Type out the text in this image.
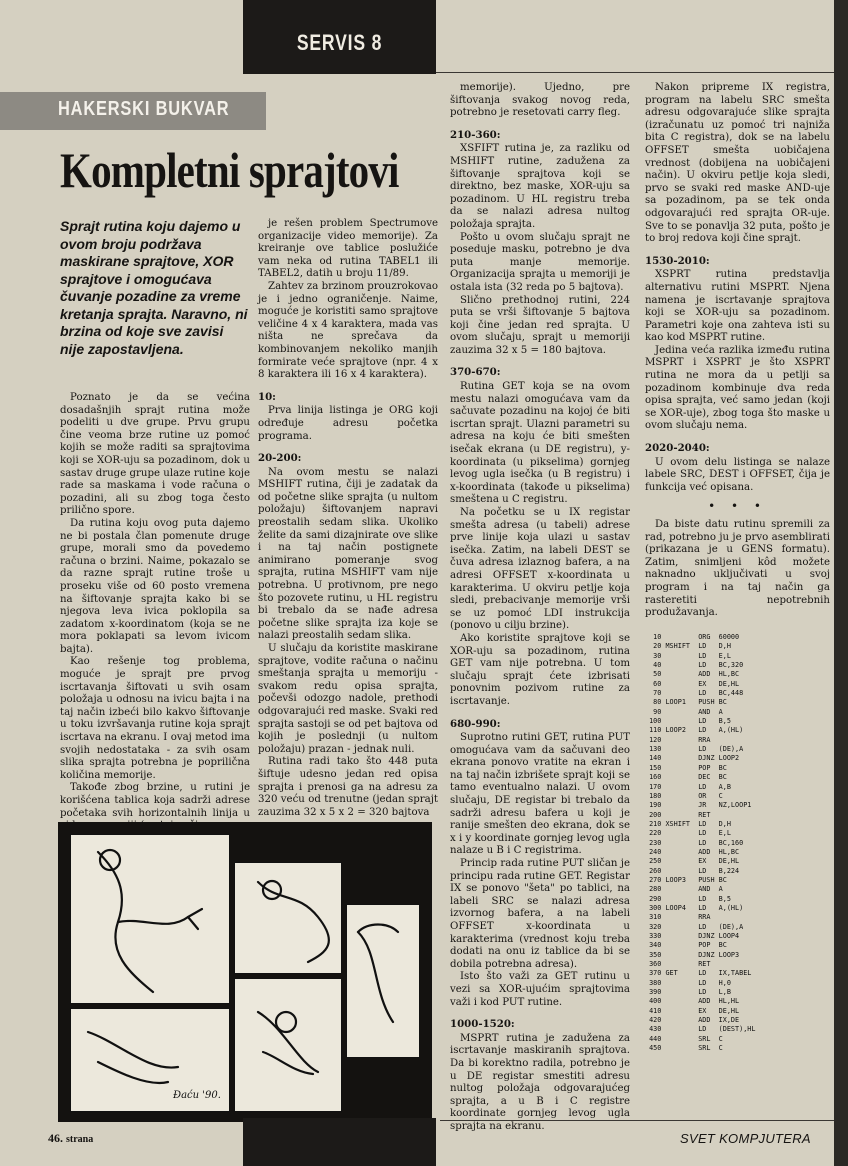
SERVIS 8
HAKERSKI BUKVAR
Kompletni sprajtovi
Sprajt rutina koju dajemo u ovom broju podržava maskirane sprajtove, XOR sprajtove i omogućava čuvanje pozadine za vreme kretanja sprajta. Naravno, ni brzina od koje sve zavisi nije zapostavljena.

Poznato je da se većina dosadašnjih sprajt rutina može podeliti u dve grupe. Prvu grupu čine veoma brze rutine uz pomoć kojih se može raditi sa sprajtovima koji se XOR-uju sa pozadinom, dok u sastav druge grupe ulaze rutine koje rade sa maskama i vode računa o pozadini, ali su zbog toga često prilično spore.

Da rutina koju ovog puta dajemo ne bi postala član pomenute druge grupe, morali smo da povedemo računa o brzini. Naime, pokazalo se da razne sprajt rutine troše u proseku više od 60 posto vremena na šiftovanje sprajta kako bi se njegova leva ivica poklopila sa zadatom x-koordinatom (koja se ne mora poklapati sa levom ivicom bajta).

Kao rešenje tog problema, moguće je sprajt pre prvog iscrtavanja šiftovati u svih osam položaja u odnosu na ivicu bajta i na taj način izbeći bilo kakvo šiftovanje u toku izvršavanja rutine koja sprajt iscrtava na ekranu. I ovaj metod ima svojih nedostataka - za svih osam slika sprajta potrebna je poprilična količina memorije.

Takođe zbog brzine, u rutini je korišćena tablica koja sadrži adrese početaka svih horizontalnih linija u

je rešen problem Spectrumove organizacije video memorije). Za kreiranje ove tablice poslužiće vam neka od rutina TABEL1 ili TABEL2, datih u broju 11/89.

Zahtev za brzinom prouzrokovao je i jedno ograničenje. Naime, moguće je koristiti samo sprajtove veličine 4 x 4 karaktera, mada vas ništa ne sprečava da kombinovanjem nekoliko manjih formirate veće sprajtove (npr. 4 x 8 karaktera ili 16 x 4 karaktera).

10:

Prva linija listinga je ORG koji određuje adresu početka programa.

20-200:

Na ovom mestu se nalazi MSHIFT rutina, čiji je zadatak da od početne slike sprajta (u nultom položaju) šiftovanjem napravi preostalih sedam slika. Ukoliko želite da sami dizajnirate ove slike i na taj način postignete animirano pomeranje svog sprajta, rutina MSHIFT vam nije potrebna. U protivnom, pre nego što pozovete rutinu, u HL registru bi trebalo da se nađe adresa početne slike sprajta iza koje se nalazi preostalih sedam slika.

U slučaju da koristite maskirane sprajtove, vodite računa o načinu smeštanja sprajta u memoriju - svakom redu opisa sprajta, počevši odozgo nadole, prethodi odgovarajući red maske. Svaki red sprajta sastoji se od pet bajtova od kojih je poslednji (u nultom položaju) prazan - jednak nuli.

Rutina radi tako što 448 puta šiftuje udesno jedan red opisa sprajta i prenosi ga na adresu za 320 veću od trenutne (jedan sprajt zauzima 32 x 5 x 2 = 320 bajtova

memorije). Ujedno, pre šiftovanja svakog novog reda, potrebno je resetovati carry fleg.

210-360:

XSFIFT rutina je, za razliku od MSHIFT rutine, zadužena za šiftovanje sprajtova koji se direktno, bez maske, XOR-uju sa pozadinom. U HL registru treba da se nalazi adresa nultog položaja sprajta.

Pošto u ovom slučaju sprajt ne poseduje masku, potrebno je dva puta manje memorije. Organizacija sprajta u memoriji je ostala ista (32 reda po 5 bajtova).

Slično prethodnoj rutini, 224 puta se vrši šiftovanje 5 bajtova koji čine jedan red sprajta. U ovom slučaju, sprajt u memoriji zauzima 32 x 5 = 180 bajtova.

370-670:

Rutina GET koja se na ovom mestu nalazi omogućava vam da sačuvate pozadinu na kojoj će biti iscrtan sprajt. Ulazni parametri su adresa na koju će biti smešten isečak ekrana (u DE registru), y-koordinata (u pikselima) gornjeg levog ugla isečka (u B registru) i x-koordinata (takođe u pikselima) smeštena u C registru.

Na početku se u IX registar smešta adresa (u tabeli) adrese prve linije koja ulazi u sastav isečka. Zatim, na labeli DEST se čuva adresa izlaznog bafera, a na adresi OFFSET x-koordinata u karakterima. U okviru petlje koja sledi, prebacivanje memorije vrši se uz pomoć LDI instrukcija (ponovo u cilju brzine).

Ako koristite sprajtove koji se XOR-uju sa pozadinom, rutina GET vam nije potrebna. U tom slučaju sprajt ćete izbrisati ponovnim pozivom rutine za iscrtavanje.

680-990:

Suprotno rutini GET, rutina PUT omogućava vam da sačuvani deo ekrana ponovo vratite na ekran i na taj način izbrišete sprajt koji se tamo eventualno nalazi. U ovom slučaju, DE registar bi trebalo da sadrži adresu bafera u koji je ranije smešten deo ekrana, dok se x i y koordinate gornjeg levog ugla nalaze u B i C registrima.

Princip rada rutine PUT sličan je principu rada rutine GET. Registar IX se ponovo "šeta" po tablici, na labeli SRC se nalazi adresa izvornog bafera, a na labeli OFFSET x-koordinata u karakterima (vrednost koju treba dodati na onu iz tablice da bi se dobila potrebna adresa).

Isto što važi za GET rutinu u vezi sa XOR-ujućim sprajtovima važi i kod PUT rutine.

1000-1520:

MSPRT rutina je zadužena za iscrtavanje maskiranih sprajtova. Da bi korektno radila, potrebno je u DE registar smestiti adresu nultog položaja odgovarajućeg sprajta, a u B i C registre koordinate gornjeg levog ugla sprajta na ekranu.

Nakon pripreme IX registra, program na labelu SRC smešta adresu odgovarajuće slike sprajta (izračunatu uz pomoć tri najniža bita C registra), dok se na labelu OFFSET smešta uobičajena vrednost (dobijena na uobičajeni način). U okviru petlje koja sledi, prvo se svaki red maske AND-uje sa pozadinom, pa se tek onda odgovarajući red sprajta OR-uje. Sve to se ponavlja 32 puta, pošto je to broj redova koji čine sprajt.

1530-2010:

XSPRT rutina predstavlja alternativu rutini MSPRT. Njena namena je iscrtavanje sprajtova koji se XOR-uju sa pozadinom. Parametri koje ona zahteva isti su kao kod MSPRT rutine.

Jedina veća razlika između rutina MSPRT i XSPRT je što XSPRT rutina ne mora da u petlji sa pozadinom kombinuje dva reda opisa sprajta, već samo jedan (koji se XOR-uje), zbog toga što maske u ovom slučaju nema.

2020-2040:

U ovom delu listinga se nalaze labele SRC, DEST i OFFSET, čija je funkcija već opisana.

• • •

Da biste datu rutinu spremili za rad, potrebno ju je prvo asemblirati (prikazana je u GENS formatu). Zatim, snimljeni kôd možete naknadno uključivati u svoj program i na taj način ga rasteretiti nepotrebnih produžavanja.

10         ORG  60000
20 MSHIFT  LD   D,H
30         LD   E,L
40         LD   BC,320
50         ADD  HL,BC
60         EX   DE,HL
70         LD   BC,448
80 LOOP1   PUSH BC
90         AND  A
100         LD   B,5
110 LOOP2   LD   A,(HL)
120         RRA
130         LD   (DE),A
140         DJNZ LOOP2
150         POP  BC
160         DEC  BC
170         LD   A,B
180         OR   C
190         JR   NZ,LOOP1
200         RET
210 XSHIFT  LD   D,H
220         LD   E,L
230         LD   BC,160
240         ADD  HL,BC
250         EX   DE,HL
260         LD   B,224
270 LOOP3   PUSH BC
280         AND  A
290         LD   B,5
300 LOOP4   LD   A,(HL)
310         RRA
320         LD   (DE),A
330         DJNZ LOOP4
340         POP  BC
350         DJNZ LOOP3
360         RET
370 GET     LD   IX,TABEL
380         LD   H,0
390         LD   L,B
400         ADD  HL,HL
410         EX   DE,HL
420         ADD  IX,DE
430         LD   (DEST),HL
440         SRL  C
450         SRL  C
Đaću '90.
46. strana	SVET KOMPJUTERA
